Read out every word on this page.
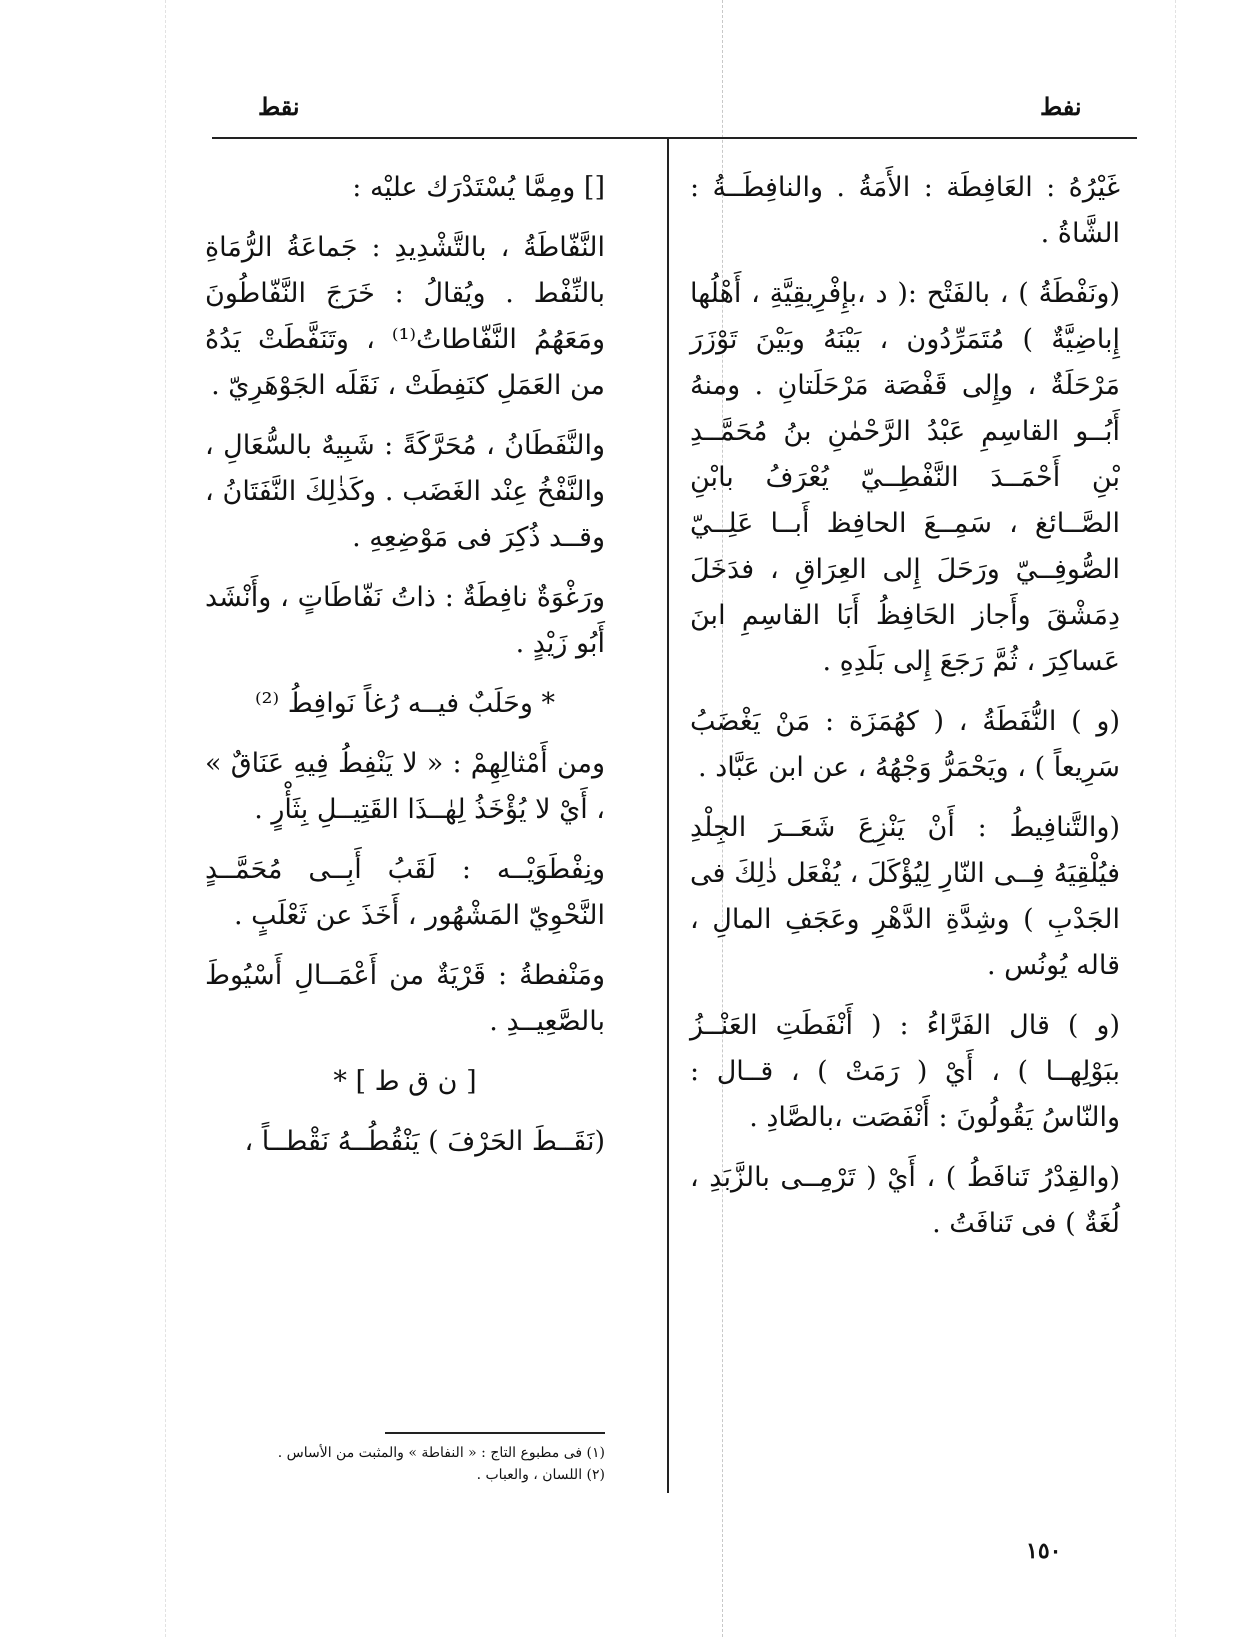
نفط
نقط

غَيْرُهُ : العَافِطَة : الأَمَةُ . والنافِطَــةُ : الشَّاةُ .

(ونَفْطَةُ ) ، بالفَتْح :( د ،بإِفْرِيقِيَّةِ ، أَهْلُها إِباضِيَّةٌ ) مُتَمَرِّدُون ، بَيْنَهُ وبَيْنَ تَوْزَرَ مَرْحَلَةٌ ، وإِلى قَفْصَة مَرْحَلَتانِ . ومنهُ أَبُــو القاسِمِ عَبْدُ الرَّحْمٰنِ بنُ مُحَمَّــدِ بْنِ أَحْمَــدَ النَّفْطِــيّ يُعْرَفُ بابْنِ الصَّــائغ ، سَمِــعَ الحافِظ أَبــا عَلِــيّ الصُّوفِــيّ ورَحَلَ إِلى العِرَاقِ ، فدَخَلَ دِمَشْقَ وأَجاز الحَافِظُ أَبَا القاسِمِ ابنَ عَساكِرَ ، ثُمَّ رَجَعَ إِلى بَلَدِهِ .

(و ) النُّفَطَةُ ، ( كهُمَزَة : مَنْ يَغْضَبُ سَرِيعاً ) ، ويَحْمَرُّ وَجْهُهُ ، عن ابن عَبَّاد .

(والتَّنافِيطُ : أَنْ يَنْزِعَ شَعَــرَ الجِلْدِ فيُلْقِيَهُ فِــى النّارِ لِيُؤْكَلَ ، يُفْعَل ذٰلِكَ فى الجَدْبِ ) وشِدَّةِ الدَّهْرِ وعَجَفِ المالِ ، قاله يُونُس .

(و ) قال الفَرَّاءُ : ( أَنْفَطَتِ العَنْــزُ ببَوْلِهــا ) ، أَيْ ( رَمَتْ ) ، قــال : والنّاسُ يَقُولُونَ : أَنْفَصَت ،بالصَّادِ .

(والقِدْرُ تَنافَطُ ) ، أَيْ ( تَرْمِــى بالزَّبَدِ ، لُغَةٌ ) فى تَنافَتُ .

[] ومِمَّا يُسْتَدْرَك عليْه :

النَّفّاطَةُ ، بالتَّشْدِيدِ : جَماعَةُ الرُّمَاةِ بالنِّفْط . ويُقالُ : خَرَجَ النَّفّاطُونَ ومَعَهُمُ النَّفّاطاتُ⁽¹⁾ ، وتَنَفَّطَتْ يَدُهُ من العَمَلِ كنَفِطَتْ ، نَقَلَه الجَوْهَرِيّ .

والنَّفَطَانُ ، مُحَرَّكَةً : شَبِيهٌ بالسُّعَالِ ، والنَّفْخُ عِنْد الغَضَب . وكَذٰلِكَ النَّفَتَانُ ، وقــد ذُكِرَ فى مَوْضِعِهِ .

ورَغْوَةٌ نافِطَةٌ : ذاتُ نَفّاطَاتٍ ، وأَنْشَد أَبُو زَيْدٍ .

* وحَلَبٌ فيــه رُغاً نَوافِطُ ⁽²⁾

ومن أَمْثالِهِمْ : « لا يَنْفِطُ فِيهِ عَنَاقٌ » ، أَيْ لا يُؤْخَذُ لِهٰــذَا القَتِيــلِ بِثَأْرٍ .

ونِفْطَوَيْــه : لَقَبُ أَبِــى مُحَمَّــدٍ النَّحْوِيّ المَشْهُور ، أَخَذَ عن ثَعْلَبٍ .

ومَنْفطةُ : قَرْيَةٌ من أَعْمَــالِ أَسْيُوطَ بالصَّعِيــدِ .

[ ن ق ط ] *

(نَقَــطَ الحَرْفَ ) يَنْقُطُــهُ نَقْطــاً ،

(١) فى مطبوع التاج : « النفاطة » والمثبت من الأساس .
(٢) اللسان ، والعباب .
١٥٠
